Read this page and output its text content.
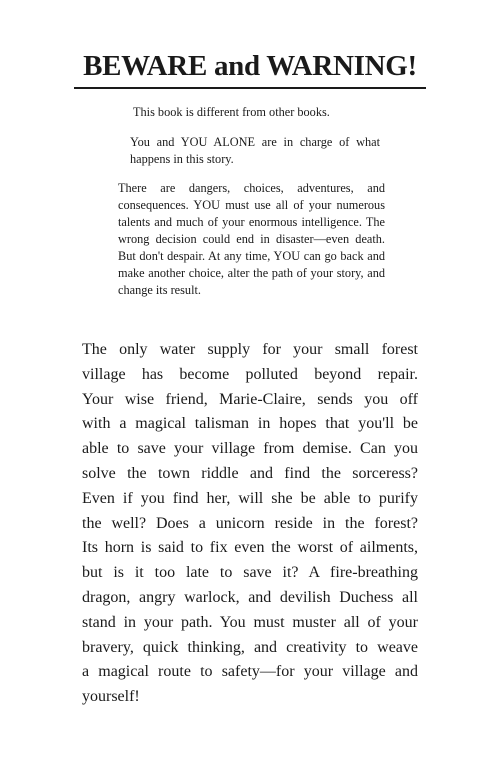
BEWARE and WARNING!

This book is different from other books.

You and YOU ALONE are in charge of what happens in this story.

There are dangers, choices, adventures, and consequences. YOU must use all of your numerous talents and much of your enormous intelligence. The wrong decision could end in disaster—even death. But don't despair. At any time, YOU can go back and make another choice, alter the path of your story, and change its result.

The only water supply for your small forest
village has become polluted beyond repair.
Your wise friend, Marie-Claire, sends you off
with a magical talisman in hopes that you'll be
able to save your village from demise. Can you
solve the town riddle and find the sorceress?
Even if you find her, will she be able to purify
the well? Does a unicorn reside in the forest?
Its horn is said to fix even the worst of ailments,
but is it too late to save it? A fire-breathing
dragon, angry warlock, and devilish Duchess all
stand in your path. You must muster all of your
bravery, quick thinking, and creativity to weave
a magical route to safety—for your village and
yourself!
